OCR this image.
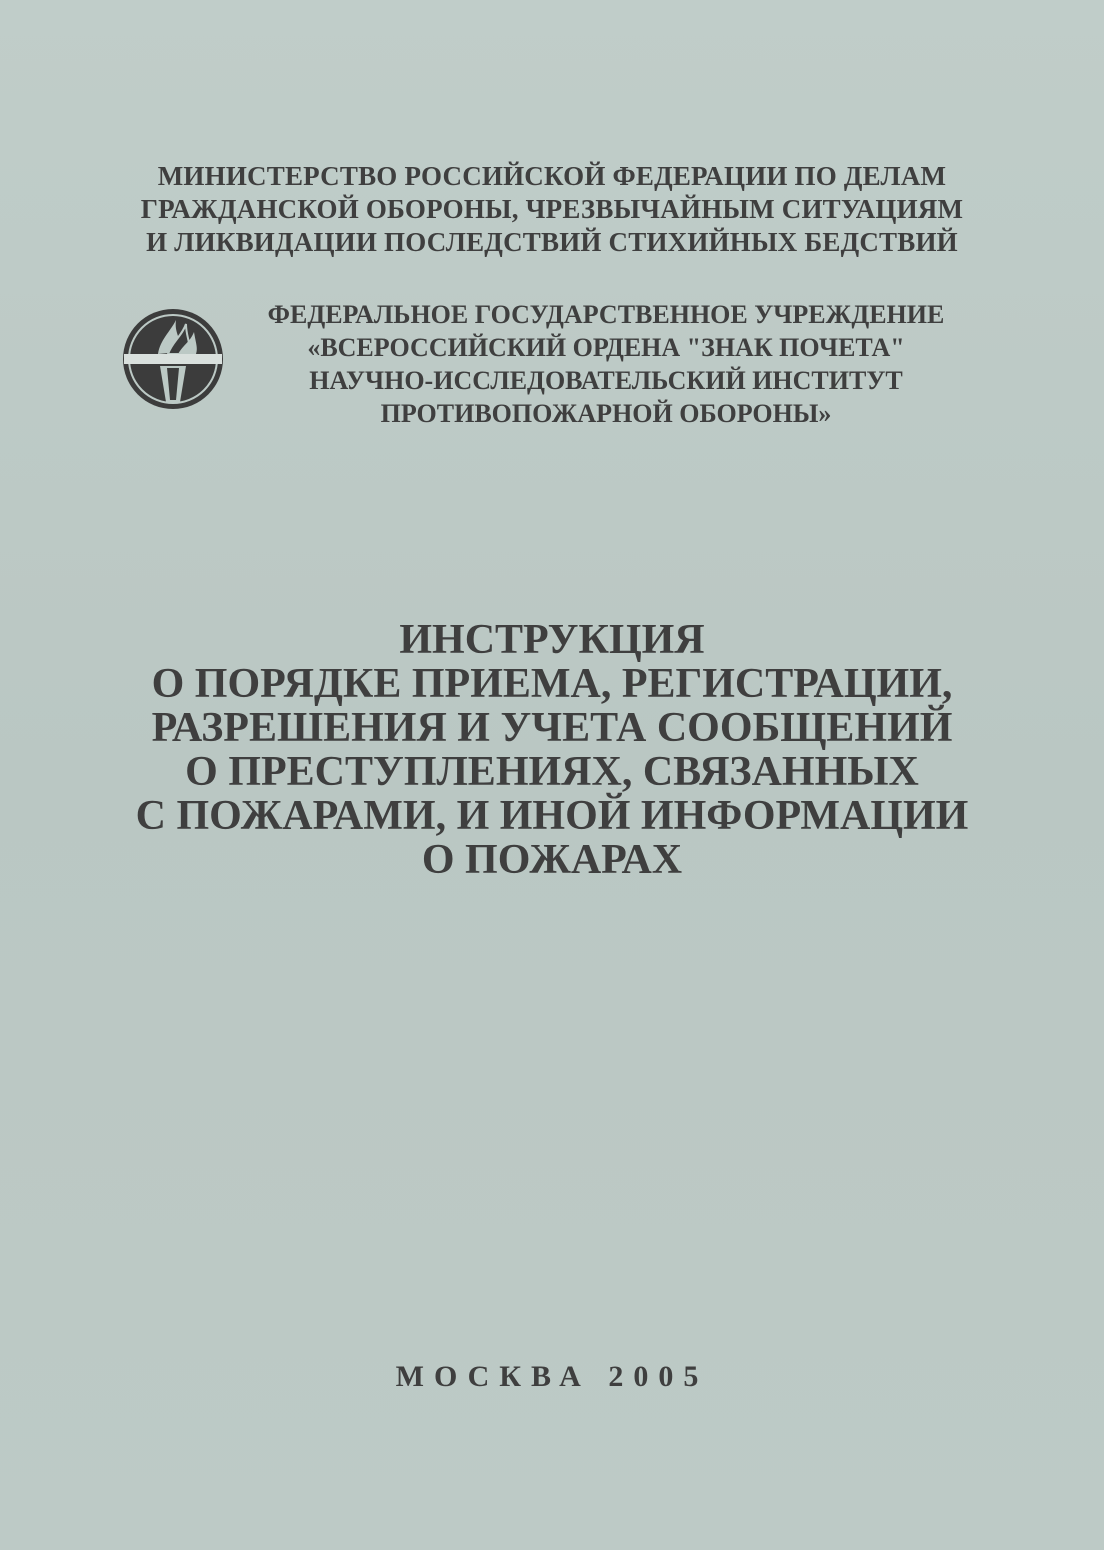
МИНИСТЕРСТВО РОССИЙСКОЙ ФЕДЕРАЦИИ ПО ДЕЛАМ
ГРАЖДАНСКОЙ ОБОРОНЫ, ЧРЕЗВЫЧАЙНЫМ СИТУАЦИЯМ
И ЛИКВИДАЦИИ ПОСЛЕДСТВИЙ СТИХИЙНЫХ БЕДСТВИЙ
ФЕДЕРАЛЬНОЕ ГОСУДАРСТВЕННОЕ УЧРЕЖДЕНИЕ
«ВСЕРОССИЙСКИЙ ОРДЕНА "ЗНАК ПОЧЕТА"
НАУЧНО-ИССЛЕДОВАТЕЛЬСКИЙ ИНСТИТУТ
ПРОТИВОПОЖАРНОЙ ОБОРОНЫ»
ИНСТРУКЦИЯ
О ПОРЯДКЕ ПРИЕМА, РЕГИСТРАЦИИ,
РАЗРЕШЕНИЯ И УЧЕТА СООБЩЕНИЙ
О ПРЕСТУПЛЕНИЯХ, СВЯЗАННЫХ
С ПОЖАРАМИ, И ИНОЙ ИНФОРМАЦИИ
О ПОЖАРАХ
МОСКВА 2005
